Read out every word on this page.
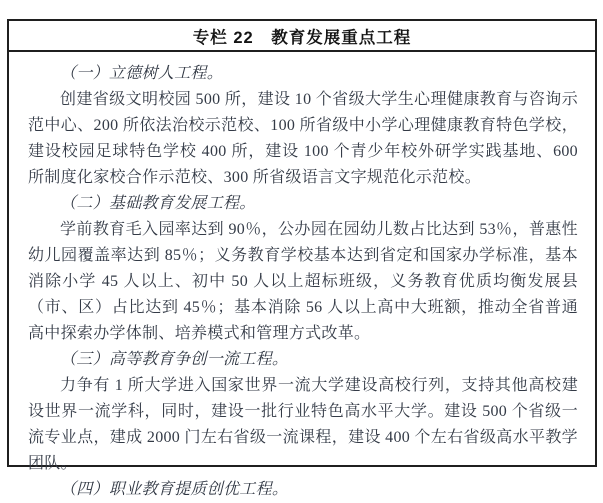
专栏 22　教育发展重点工程

（一）立德树人工程。

创建省级文明校园 500 所，建设 10 个省级大学生心理健康教育与咨询示范中心、200 所依法治校示范校、100 所省级中小学心理健康教育特色学校，建设校园足球特色学校 400 所，建设 100 个青少年校外研学实践基地、600 所制度化家校合作示范校、300 所省级语言文字规范化示范校。

（二）基础教育发展工程。

学前教育毛入园率达到 90％，公办园在园幼儿数占比达到 53％，普惠性幼儿园覆盖率达到 85％；义务教育学校基本达到省定和国家办学标准，基本消除小学 45 人以上、初中 50 人以上超标班级，义务教育优质均衡发展县（市、区）占比达到 45％；基本消除 56 人以上高中大班额，推动全省普通高中探索办学体制、培养模式和管理方式改革。

（三）高等教育争创一流工程。

力争有 1 所大学进入国家世界一流大学建设高校行列，支持其他高校建设世界一流学科，同时，建设一批行业特色高水平大学。建设 500 个省级一流专业点，建成 2000 门左右省级一流课程，建设 400 个左右省级高水平教学团队。

（四）职业教育提质创优工程。
